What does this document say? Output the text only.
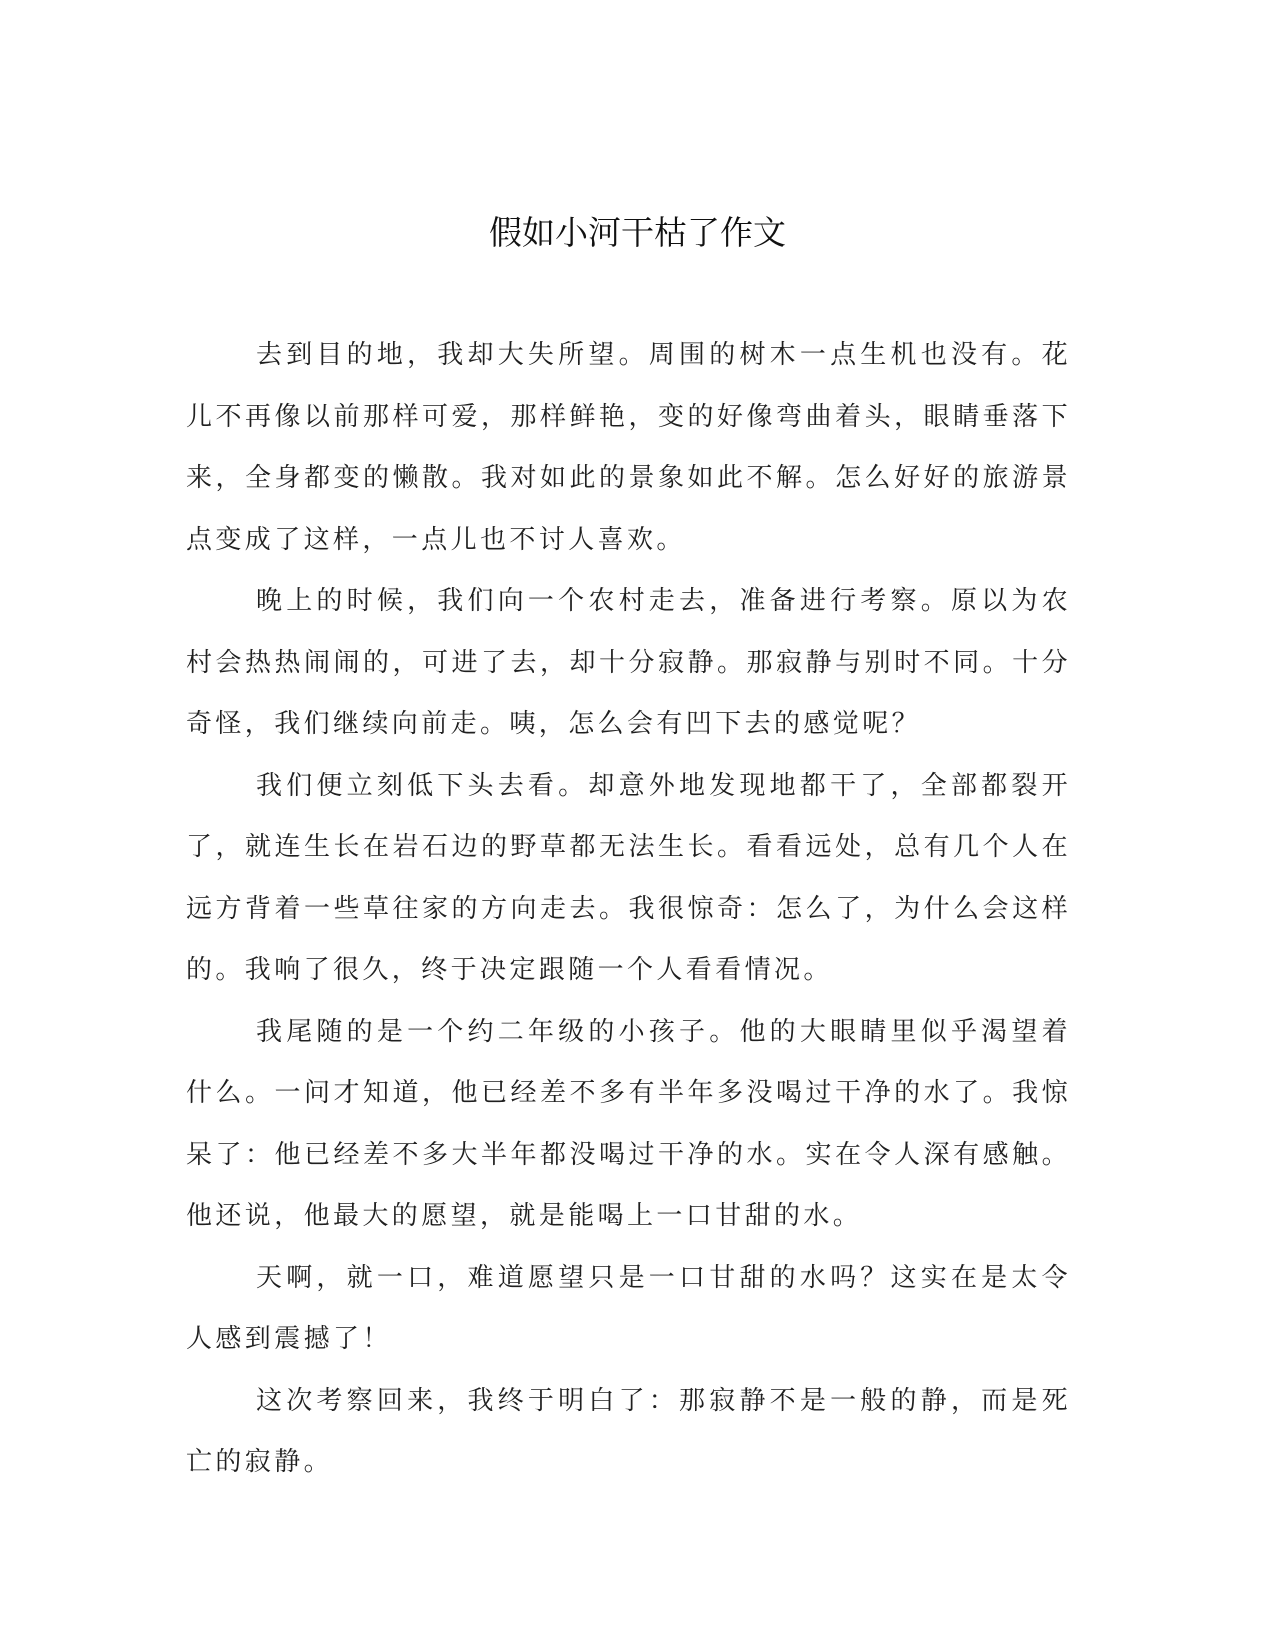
假如小河干枯了作文

去到目的地，我却大失所望。周围的树木一点生机也没有。花儿不再像以前那样可爱，那样鲜艳，变的好像弯曲着头，眼睛垂落下来，全身都变的懒散。我对如此的景象如此不解。怎么好好的旅游景点变成了这样，一点儿也不讨人喜欢。

晚上的时候，我们向一个农村走去，准备进行考察。原以为农村会热热闹闹的，可进了去，却十分寂静。那寂静与别时不同。十分奇怪，我们继续向前走。咦，怎么会有凹下去的感觉呢？

我们便立刻低下头去看。却意外地发现地都干了，全部都裂开了，就连生长在岩石边的野草都无法生长。看看远处，总有几个人在远方背着一些草往家的方向走去。我很惊奇：怎么了，为什么会这样的。我响了很久，终于决定跟随一个人看看情况。

我尾随的是一个约二年级的小孩子。他的大眼睛里似乎渴望着什么。一问才知道，他已经差不多有半年多没喝过干净的水了。我惊呆了：他已经差不多大半年都没喝过干净的水。实在令人深有感触。他还说，他最大的愿望，就是能喝上一口甘甜的水。

天啊，就一口，难道愿望只是一口甘甜的水吗？这实在是太令人感到震撼了！

这次考察回来，我终于明白了：那寂静不是一般的静，而是死亡的寂静。
